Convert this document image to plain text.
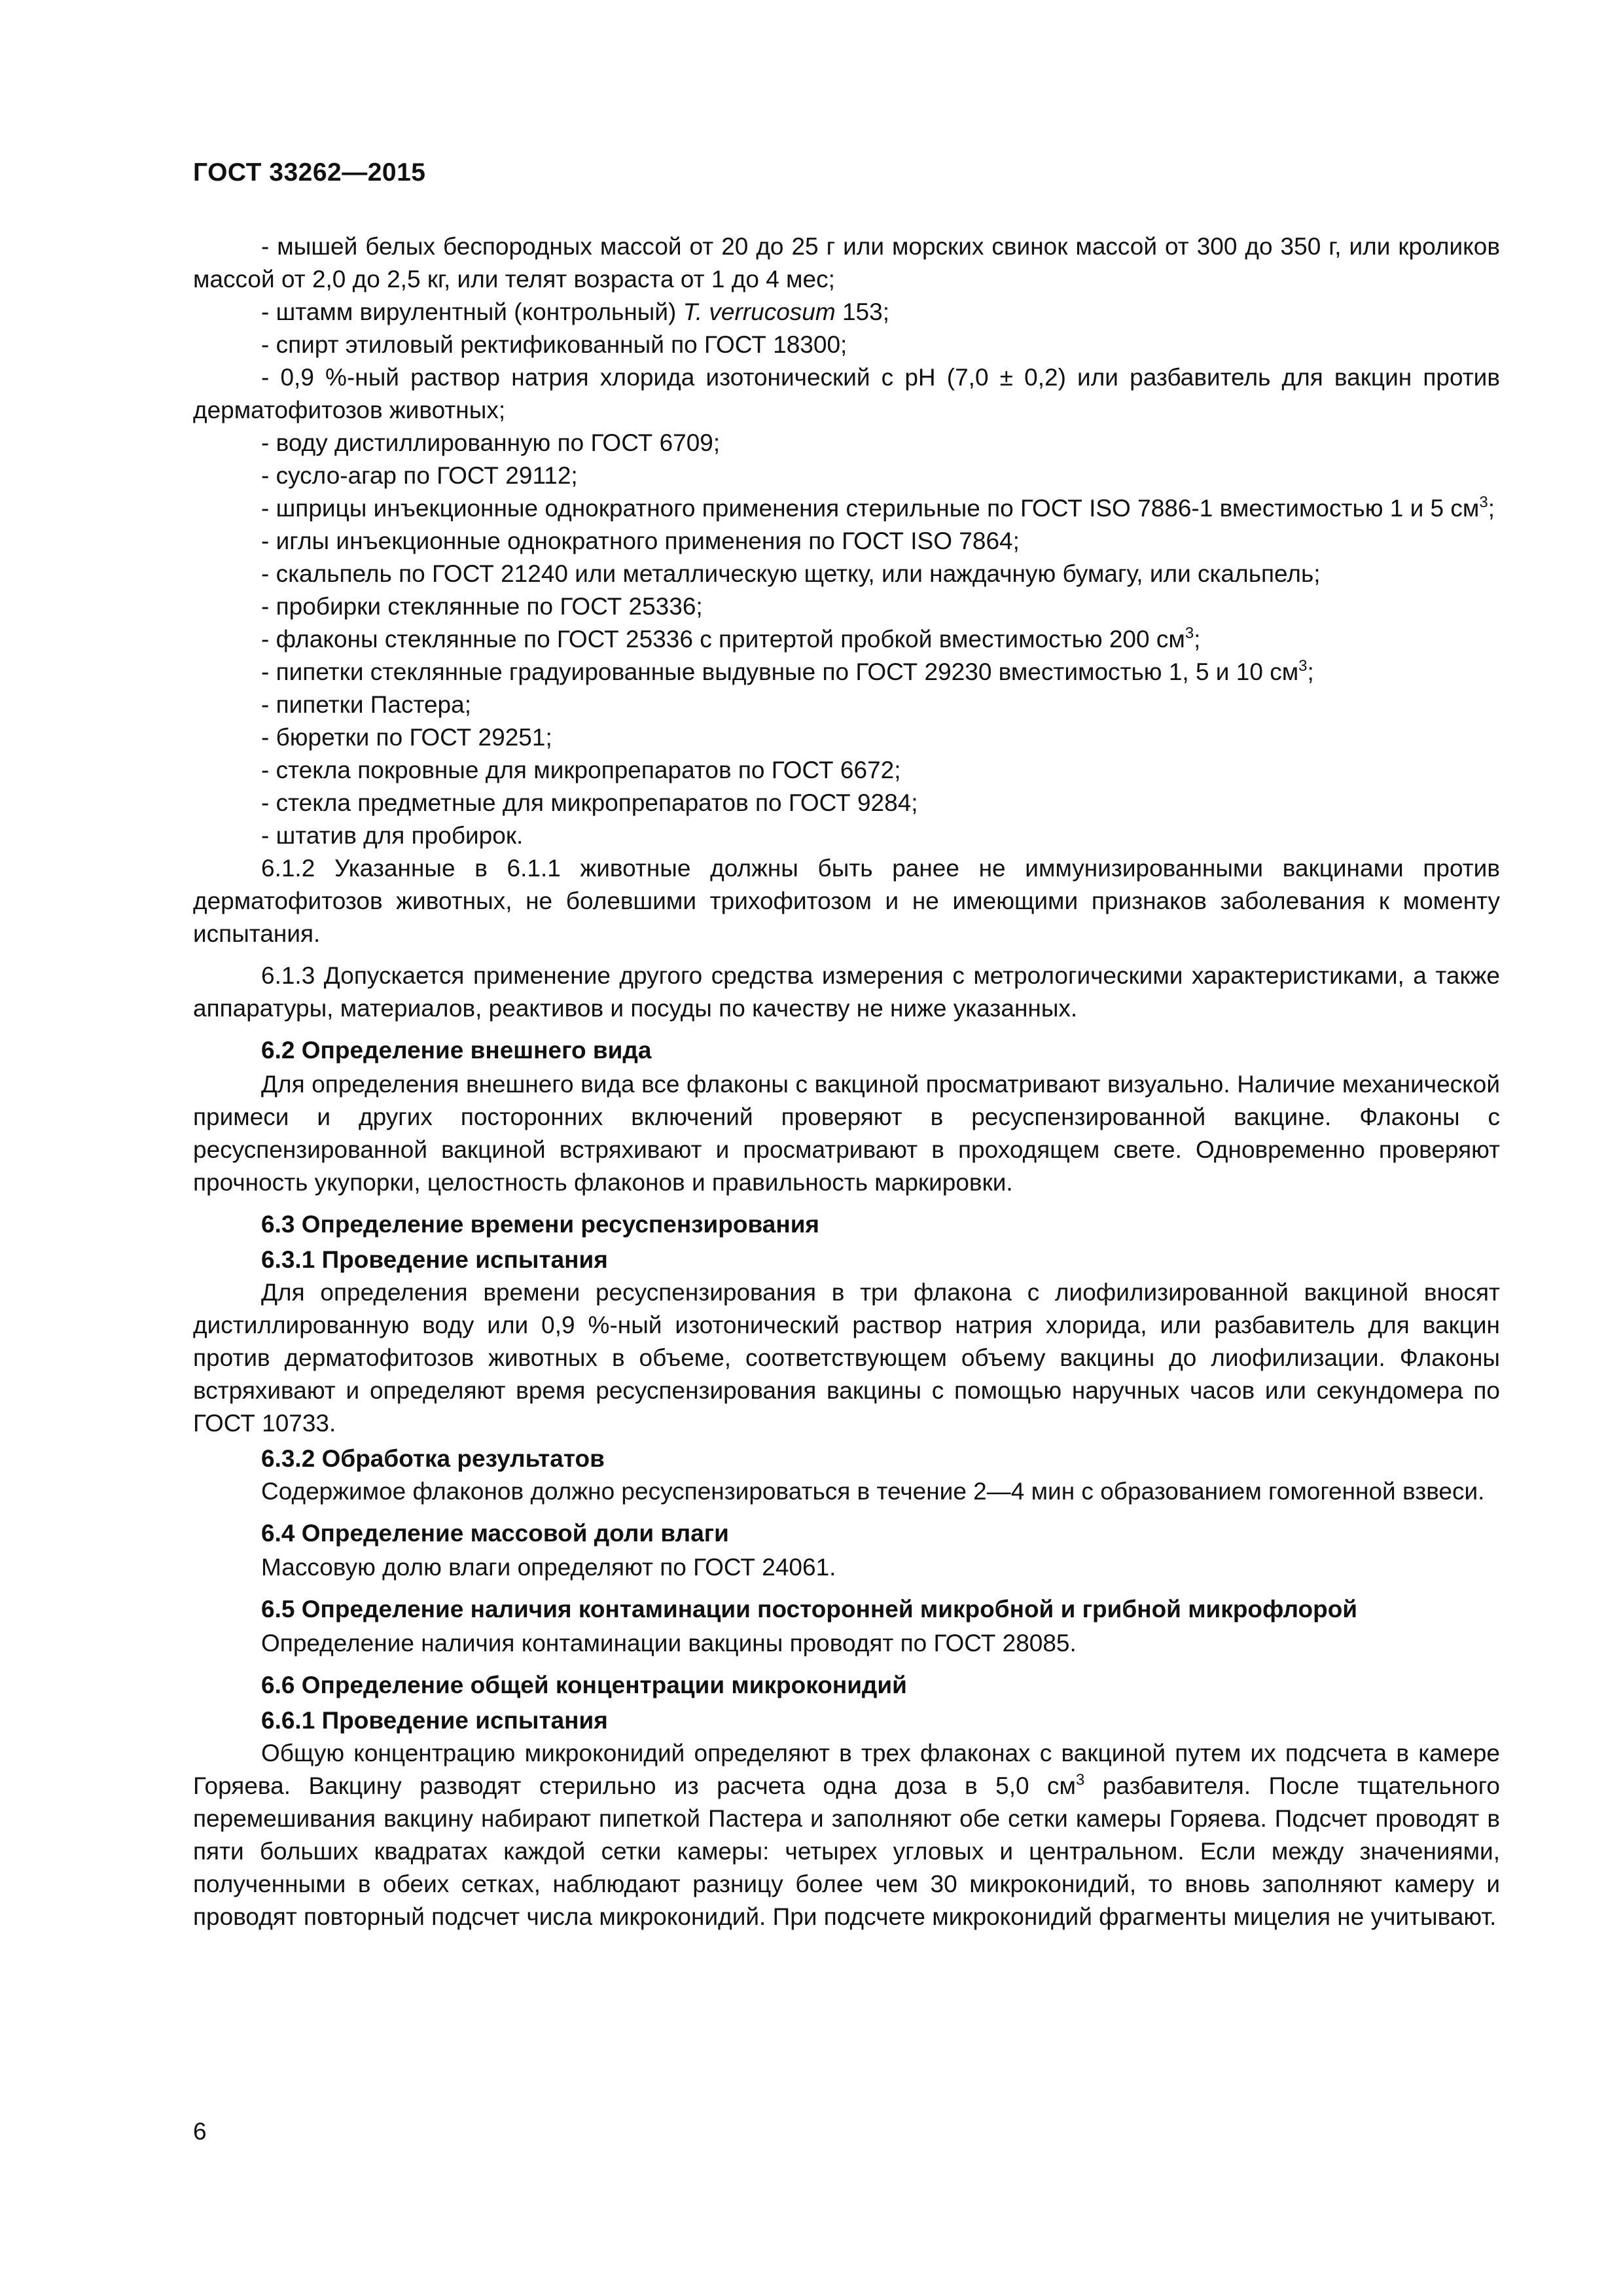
ГОСТ 33262—2015

- мышей белых беспородных массой от 20 до 25 г или морских свинок массой от 300 до 350 г, или кроликов массой от 2,0 до 2,5 кг, или телят возраста от 1 до 4 мес;

- штамм вирулентный (контрольный) T. verrucosum 153;

- спирт этиловый ректификованный по ГОСТ 18300;

- 0,9 %-ный раствор натрия хлорида изотонический с pH (7,0 ± 0,2) или разбавитель для вакцин против дерматофитозов животных;

- воду дистиллированную по ГОСТ 6709;

- сусло-агар по ГОСТ 29112;

- шприцы инъекционные однократного применения стерильные по ГОСТ ISO 7886-1 вместимостью 1 и 5 $см^3$;

- иглы инъекционные однократного применения по ГОСТ ISO 7864;

- скальпель по ГОСТ 21240 или металлическую щетку, или наждачную бумагу, или скальпель;

- пробирки стеклянные по ГОСТ 25336;

- флаконы стеклянные по ГОСТ 25336 с притертой пробкой вместимостью 200 $см^3$;

- пипетки стеклянные градуированные выдувные по ГОСТ 29230 вместимостью 1, 5 и 10 $см^3$;

- пипетки Пастера;

- бюретки по ГОСТ 29251;

- стекла покровные для микропрепаратов по ГОСТ 6672;

- стекла предметные для микропрепаратов по ГОСТ 9284;

- штатив для пробирок.

6.1.2 Указанные в 6.1.1 животные должны быть ранее не иммунизированными вакцинами против дерматофитозов животных, не болевшими трихофитозом и не имеющими признаков заболевания к моменту испытания.

6.1.3 Допускается применение другого средства измерения с метрологическими характеристиками, а также аппаратуры, материалов, реактивов и посуды по качеству не ниже указанных.

6.2 Определение внешнего вида

Для определения внешнего вида все флаконы с вакциной просматривают визуально. Наличие механической примеси и других посторонних включений проверяют в ресуспензированной вакцине. Флаконы с ресуспензированной вакциной встряхивают и просматривают в проходящем свете. Одновременно проверяют прочность укупорки, целостность флаконов и правильность маркировки.

6.3 Определение времени ресуспензирования
6.3.1 Проведение испытания

Для определения времени ресуспензирования в три флакона с лиофилизированной вакциной вносят дистиллированную воду или 0,9 %-ный изотонический раствор натрия хлорида, или разбавитель для вакцин против дерматофитозов животных в объеме, соответствующем объему вакцины до лиофилизации. Флаконы встряхивают и определяют время ресуспензирования вакцины с помощью наручных часов или секундомера по ГОСТ 10733.

6.3.2 Обработка результатов

Содержимое флаконов должно ресуспензироваться в течение 2—4 мин с образованием гомогенной взвеси.

6.4 Определение массовой доли влаги

Массовую долю влаги определяют по ГОСТ 24061.

6.5 Определение наличия контаминации посторонней микробной и грибной микрофлорой

Определение наличия контаминации вакцины проводят по ГОСТ 28085.

6.6 Определение общей концентрации микроконидий
6.6.1 Проведение испытания

Общую концентрацию микроконидий определяют в трех флаконах с вакциной путем их подсчета в камере Горяева. Вакцину разводят стерильно из расчета одна доза в 5,0 $см^3$ разбавителя. После тщательного перемешивания вакцину набирают пипеткой Пастера и заполняют обе сетки камеры Горяева. Подсчет проводят в пяти больших квадратах каждой сетки камеры: четырех угловых и центральном. Если между значениями, полученными в обеих сетках, наблюдают разницу более чем 30 микроконидий, то вновь заполняют камеру и проводят повторный подсчет числа микроконидий. При подсчете микроконидий фрагменты мицелия не учитывают.

6
